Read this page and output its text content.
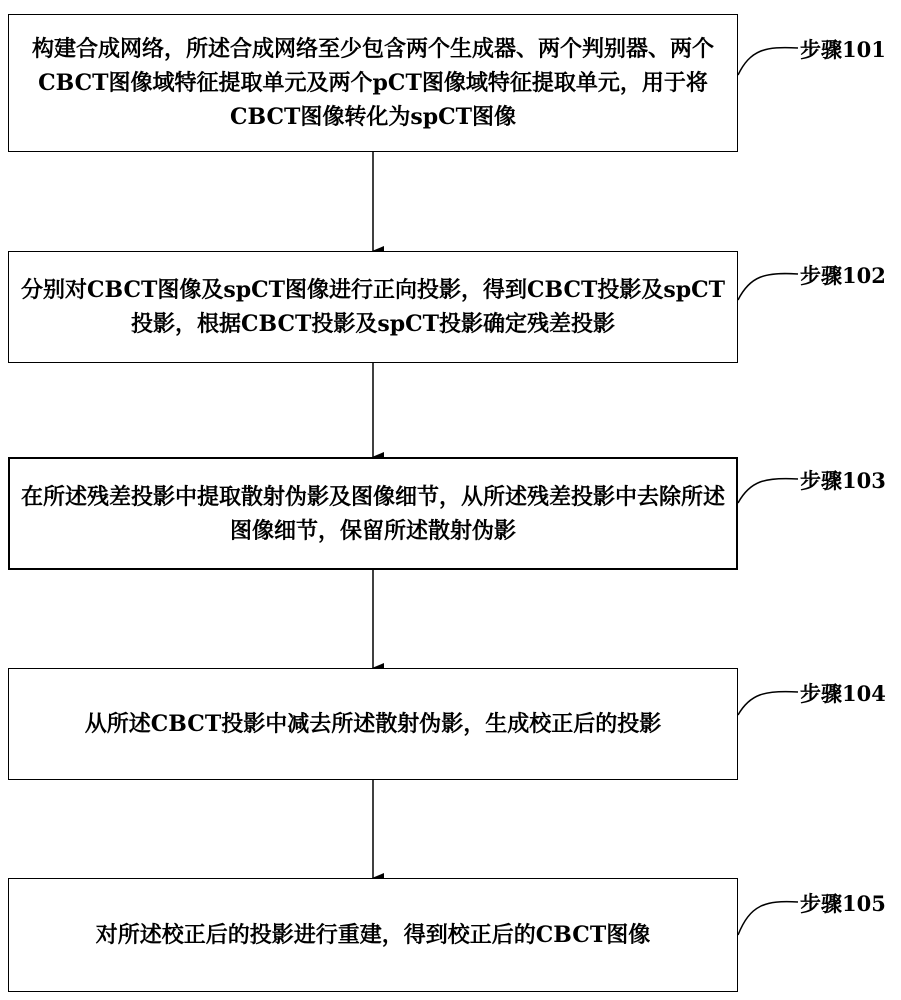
构建合成网络，所述合成网络至少包含两个生成器、两个判别器、两个CBCT图像域特征提取单元及两个pCT图像域特征提取单元，用于将CBCT图像转化为spCT图像
步骤101
分别对CBCT图像及spCT图像进行正向投影，得到CBCT投影及spCT投影，根据CBCT投影及spCT投影确定残差投影
步骤102
在所述残差投影中提取散射伪影及图像细节，从所述残差投影中去除所述图像细节，保留所述散射伪影
步骤103
从所述CBCT投影中减去所述散射伪影，生成校正后的投影
步骤104
对所述校正后的投影进行重建，得到校正后的CBCT图像
步骤105
